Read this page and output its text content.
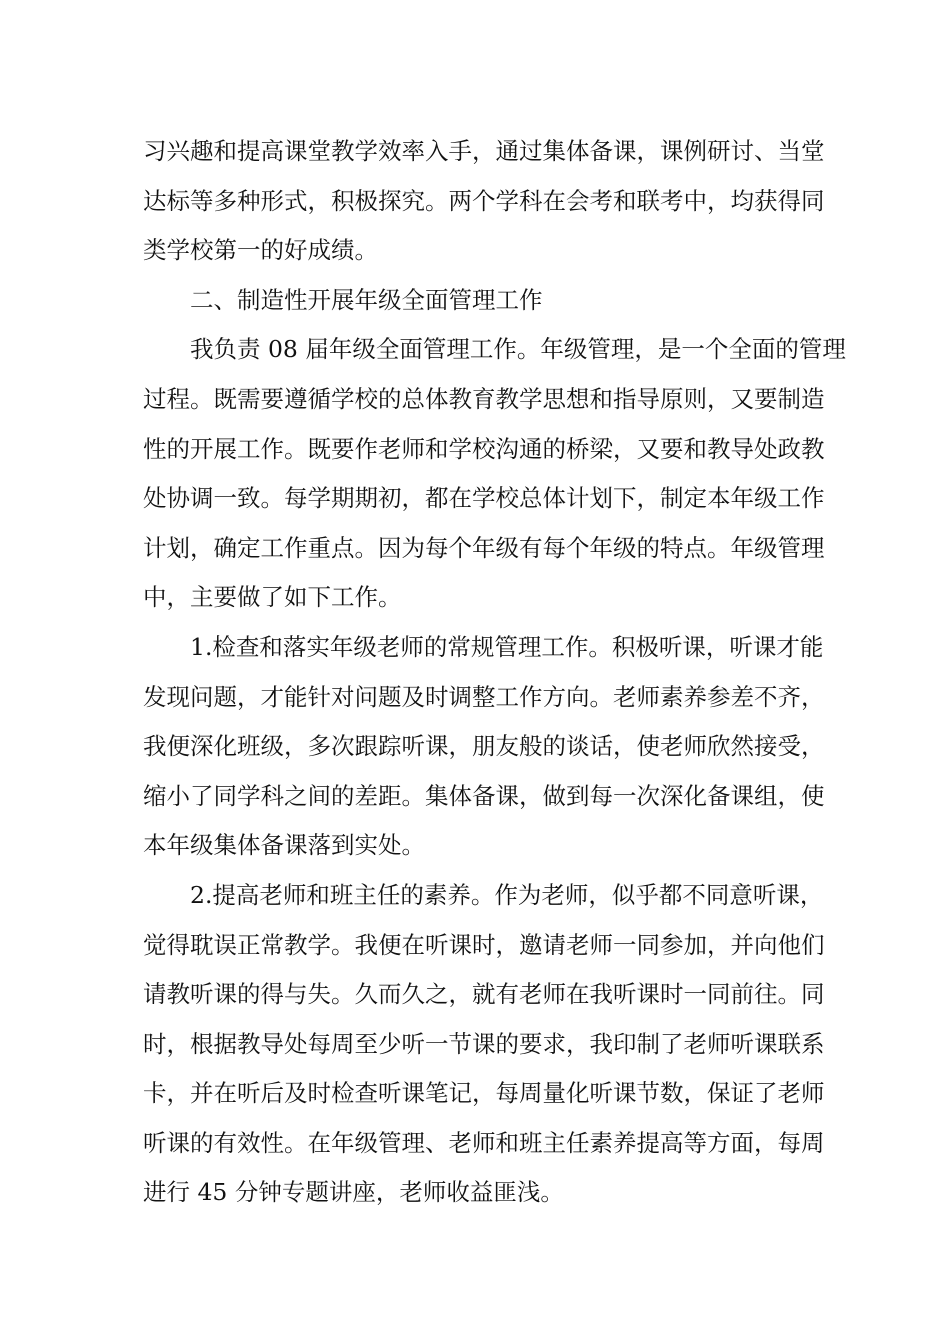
习兴趣和提高课堂教学效率入手，通过集体备课，课例研讨、当堂
达标等多种形式，积极探究。两个学科在会考和联考中，均获得同
类学校第一的好成绩。
二、制造性开展年级全面管理工作
我负责 08 届年级全面管理工作。年级管理，是一个全面的管理
过程。既需要遵循学校的总体教育教学思想和指导原则，又要制造
性的开展工作。既要作老师和学校沟通的桥梁，又要和教导处政教
处协调一致。每学期期初，都在学校总体计划下，制定本年级工作
计划，确定工作重点。因为每个年级有每个年级的特点。年级管理
中，主要做了如下工作。
1.检查和落实年级老师的常规管理工作。积极听课，听课才能
发现问题，才能针对问题及时调整工作方向。老师素养参差不齐，
我便深化班级，多次跟踪听课，朋友般的谈话，使老师欣然接受，
缩小了同学科之间的差距。集体备课，做到每一次深化备课组，使
本年级集体备课落到实处。
2.提高老师和班主任的素养。作为老师，似乎都不同意听课，
觉得耽误正常教学。我便在听课时，邀请老师一同参加，并向他们
请教听课的得与失。久而久之，就有老师在我听课时一同前往。同
时，根据教导处每周至少听一节课的要求，我印制了老师听课联系
卡，并在听后及时检查听课笔记，每周量化听课节数，保证了老师
听课的有效性。在年级管理、老师和班主任素养提高等方面，每周
进行 45 分钟专题讲座，老师收益匪浅。
